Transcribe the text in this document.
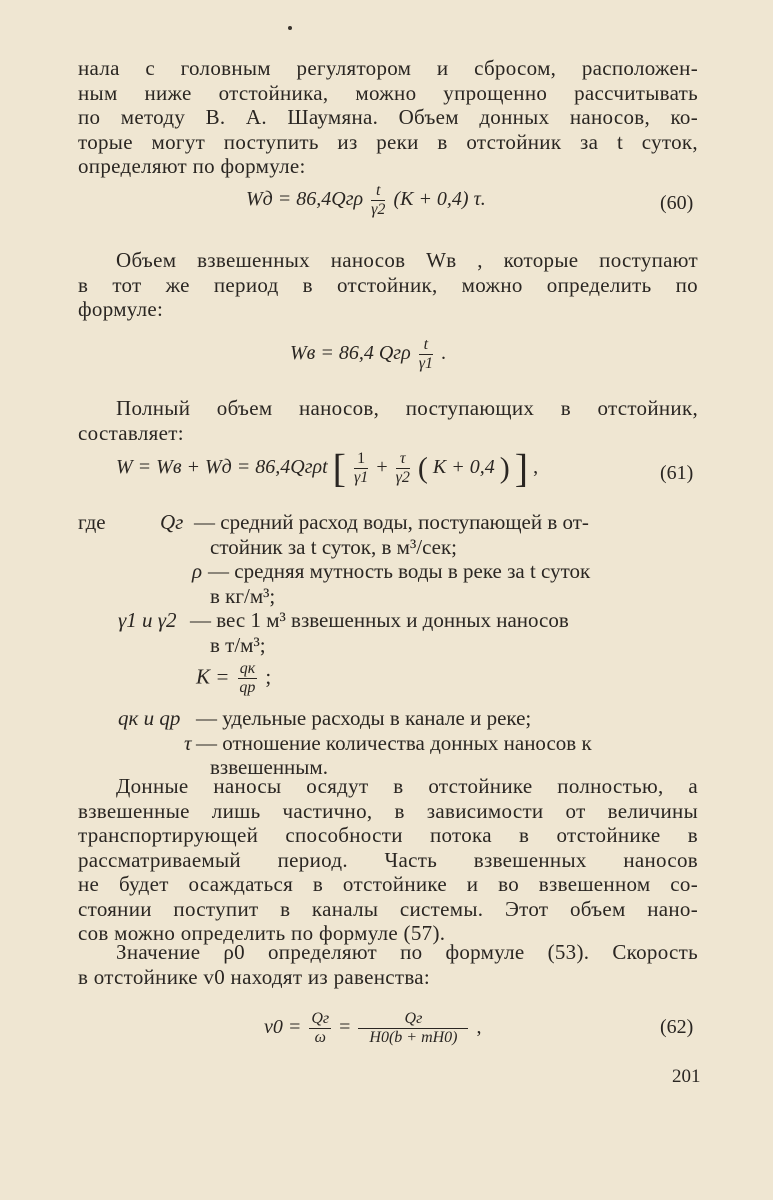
нала с головным регулятором и сбросом, расположен-
ным ниже отстойника, можно упрощенно рассчитывать
по методу В. А. Шаумяна. Объем донных наносов, ко-
торые могут поступить из реки в отстойник за t суток,
определяют по формуле:
Wд = $86,4Qг\rho \frac{t}{\gamma 2} (K + 0,4)$ τ.	(60)
Объем взвешенных наносов Wв , которые поступают
в тот же период в отстойник, можно определить по
формуле:
Wв = 86,4 Qгρ $\frac{t}{\gamma 1}$ .
Полный объем наносов, поступающих в отстойник,
составляет:
W = Wв + Wд = 86,4Qгρt [ $\frac{1}{\gamma 1} + \frac{\tau}{\gamma 2}$ ( K + 0,4 ) ] ,	(61)
где	Qг — средний расход воды, поступающей в от-
стойник за t суток, в м³/сек;
ρ — средняя мутность воды в реке за t суток
в кг/м³;
γ1 и γ2 — вес 1 м³ взвешенных и донных наносов
в т/м³;
$K = \frac{qк}{qр}$ ;
qк и qр — удельные расходы в канале и реке;
τ — отношение количества донных наносов к
взвешенным.
Донные наносы осядут в отстойнике полностью, а
взвешенные лишь частично, в зависимости от величины
транспортирующей способности потока в отстойнике в
рассматриваемый период. Часть взвешенных наносов
не будет осаждаться в отстойнике и во взвешенном со-
стоянии поступит в каналы системы. Этот объем нано-
сов можно определить по формуле (57).
Значение ρ0 определяют по формуле (53). Скорость
в отстойнике v0 находят из равенства:
$v0 = \frac{Qг}{\omega} = \frac{Qг}{H0(b + mH0)}$ ,	(62)
201
